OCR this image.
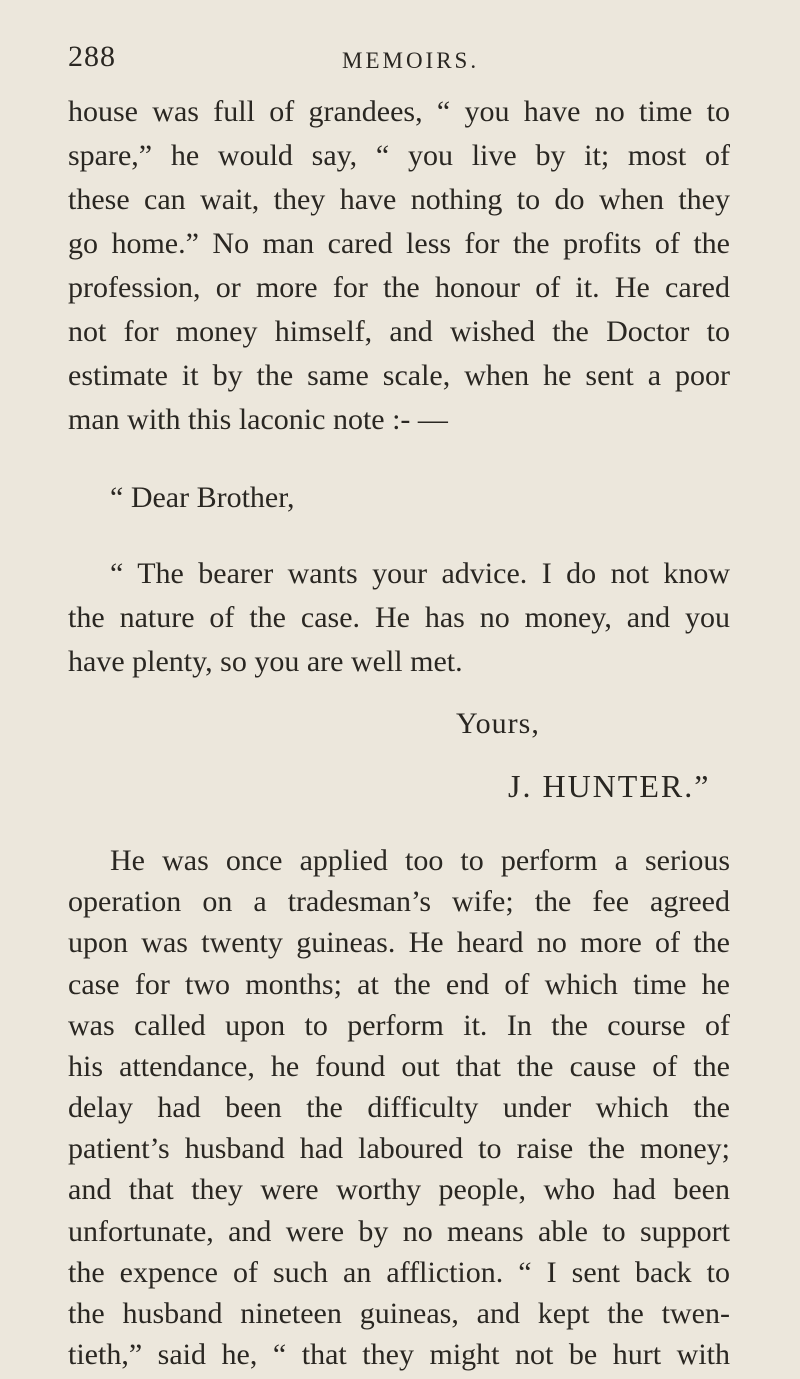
288	MEMOIRS.
house was full of grandees, “ you have no time to
spare,” he would say, “ you live by it; most of
these can wait, they have nothing to do when they
go home.” No man cared less for the profits of the
profession, or more for the honour of it. He cared
not for money himself, and wished the Doctor to
estimate it by the same scale, when he sent a poor
man with this laconic note :- —
“ Dear Brother,
“ The bearer wants your advice. I do not know
the nature of the case. He has no money, and you
have plenty, so you are well met.
Yours,
J. HUNTER.”
He was once applied too to perform a serious
operation on a tradesman’s wife; the fee agreed
upon was twenty guineas. He heard no more of the
case for two months; at the end of which time he
was called upon to perform it. In the course of
his attendance, he found out that the cause of the
delay had been the difficulty under which the
patient’s husband had laboured to raise the money;
and that they were worthy people, who had been
unfortunate, and were by no means able to support
the expence of such an affliction. “ I sent back to
the husband nineteen guineas, and kept the twen-
tieth,” said he, “ that they might not be hurt with
